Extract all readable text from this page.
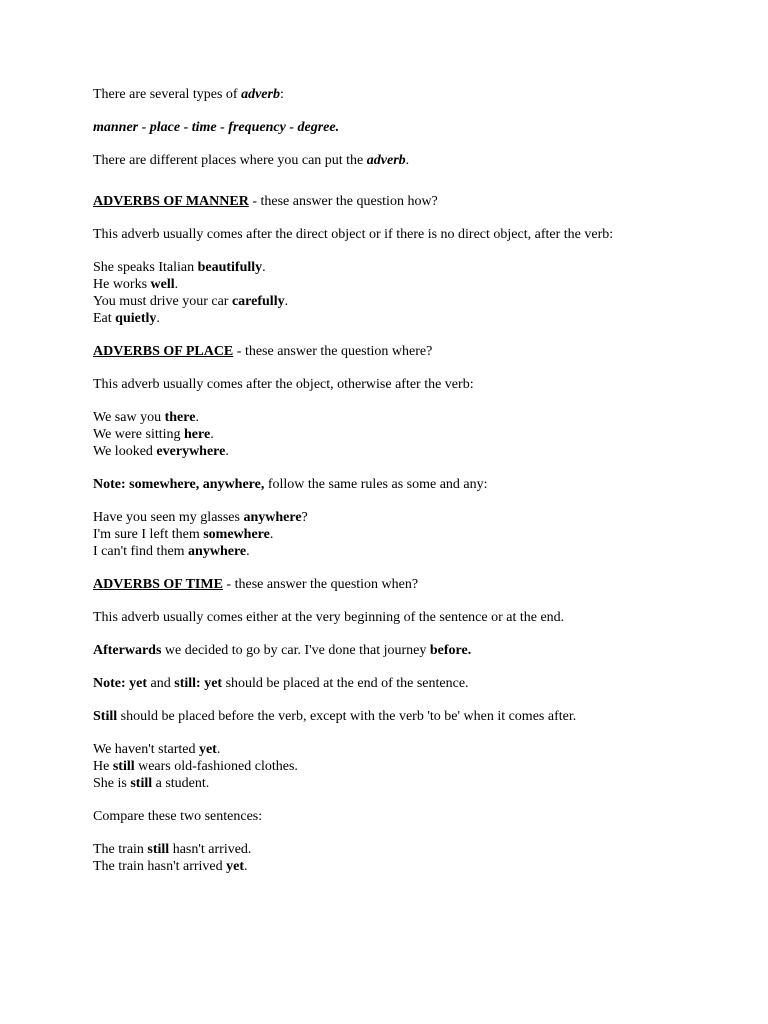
There are several types of adverb:

manner - place - time - frequency - degree.

There are different places where you can put the adverb.

ADVERBS OF MANNER - these answer the question how?

This adverb usually comes after the direct object or if there is no direct object, after the verb:

She speaks Italian beautifully.
He works well.
You must drive your car carefully.
Eat quietly.

ADVERBS OF PLACE - these answer the question where?

This adverb usually comes after the object, otherwise after the verb:

We saw you there.
We were sitting here.
We looked everywhere.

Note: somewhere, anywhere, follow the same rules as some and any:

Have you seen my glasses anywhere?
I'm sure I left them somewhere.
I can't find them anywhere.

ADVERBS OF TIME - these answer the question when?

This adverb usually comes either at the very beginning of the sentence or at the end.

Afterwards we decided to go by car. I've done that journey before.

Note: yet and still: yet should be placed at the end of the sentence.

Still should be placed before the verb, except with the verb 'to be' when it comes after.

We haven't started yet.
He still wears old-fashioned clothes.
She is still a student.

Compare these two sentences:

The train still hasn't arrived.
The train hasn't arrived yet.
